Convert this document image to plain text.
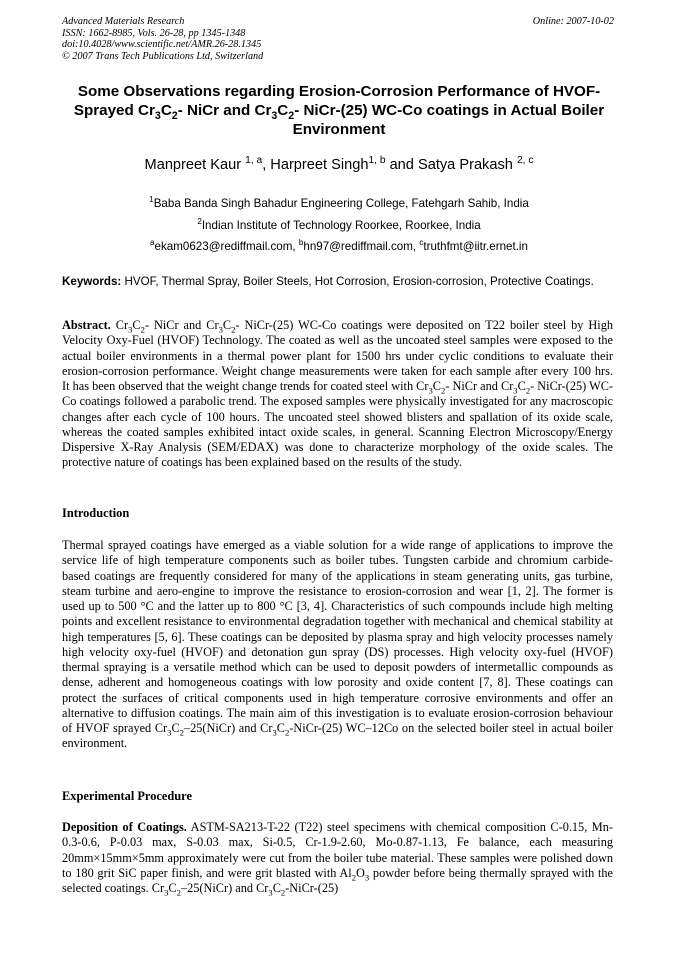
Advanced Materials Research
ISSN: 1662-8985, Vols. 26-28, pp 1345-1348
doi:10.4028/www.scientific.net/AMR.26-28.1345
© 2007 Trans Tech Publications Ltd, Switzerland
Online: 2007-10-02
Some Observations regarding Erosion-Corrosion Performance of HVOF-Sprayed $Cr_3C_2-$ NiCr and $Cr_3C_2-$ NiCr-(25) WC-Co coatings in Actual Boiler Environment
Manpreet Kaur $^{1, a}$, Harpreet Singh$^{1, b}$ and Satya Prakash $^{2, c}$
$^1$Baba Banda Singh Bahadur Engineering College, Fatehgarh Sahib, India
$^2$Indian Institute of Technology Roorkee, Roorkee, India
$^a$ekam0623@rediffmail.com, $^b$hn97@rediffmail.com, $^c$truthfmt@iitr.ernet.in
Keywords: HVOF, Thermal Spray, Boiler Steels, Hot Corrosion, Erosion-corrosion, Protective Coatings.
Abstract. $Cr_3C_2-$ NiCr and $Cr_3C_2-$ NiCr-(25) WC-Co coatings were deposited on T22 boiler steel by High Velocity Oxy-Fuel (HVOF) Technology. The coated as well as the uncoated steel samples were exposed to the actual boiler environments in a thermal power plant for 1500 hrs under cyclic conditions to evaluate their erosion-corrosion performance. Weight change measurements were taken for each sample after every 100 hrs. It has been observed that the weight change trends for coated steel with $Cr_3C_2-$ NiCr and $Cr_3C_2-$ NiCr-(25) WC-Co coatings followed a parabolic trend. The exposed samples were physically investigated for any macroscopic changes after each cycle of 100 hours. The uncoated steel showed blisters and spallation of its oxide scale, whereas the coated samples exhibited intact oxide scales, in general. Scanning Electron Microscopy/Energy Dispersive X-Ray Analysis (SEM/EDAX) was done to characterize morphology of the oxide scales. The protective nature of coatings has been explained based on the results of the study.
Introduction
Thermal sprayed coatings have emerged as a viable solution for a wide range of applications to improve the service life of high temperature components such as boiler tubes. Tungsten carbide and chromium carbide-based coatings are frequently considered for many of the applications in steam generating units, gas turbine, steam turbine and aero-engine to improve the resistance to erosion-corrosion and wear [1, 2]. The former is used up to 500 °C and the latter up to 800 °C [3, 4]. Characteristics of such compounds include high melting points and excellent resistance to environmental degradation together with mechanical and chemical stability at high temperatures [5, 6]. These coatings can be deposited by plasma spray and high velocity processes namely high velocity oxy-fuel (HVOF) and detonation gun spray (DS) processes. High velocity oxy-fuel (HVOF) thermal spraying is a versatile method which can be used to deposit powders of intermetallic compounds as dense, adherent and homogeneous coatings with low porosity and oxide content [7, 8]. These coatings can protect the surfaces of critical components used in high temperature corrosive environments and offer an alternative to diffusion coatings. The main aim of this investigation is to evaluate erosion-corrosion behaviour of HVOF sprayed $Cr_3C_2-25(NiCr)$ and $Cr_3C_2-NiCr-(25)$ WC–12Co on the selected boiler steel in actual boiler environment.
Experimental Procedure
Deposition of Coatings. ASTM-SA213-T-22 (T22) steel specimens with chemical composition C-0.15, Mn-0.3-0.6, P-0.03 max, S-0.03 max, Si-0.5, Cr-1.9-2.60, Mo-0.87-1.13, Fe balance, each measuring 20mm×15mm×5mm approximately were cut from the boiler tube material. These samples were polished down to 180 grit SiC paper finish, and were grit blasted with $Al_2O_3$ powder before being thermally sprayed with the selected coatings. $Cr_3C_2-25(NiCr)$ and $Cr_3C_2-NiCr-(25)$
